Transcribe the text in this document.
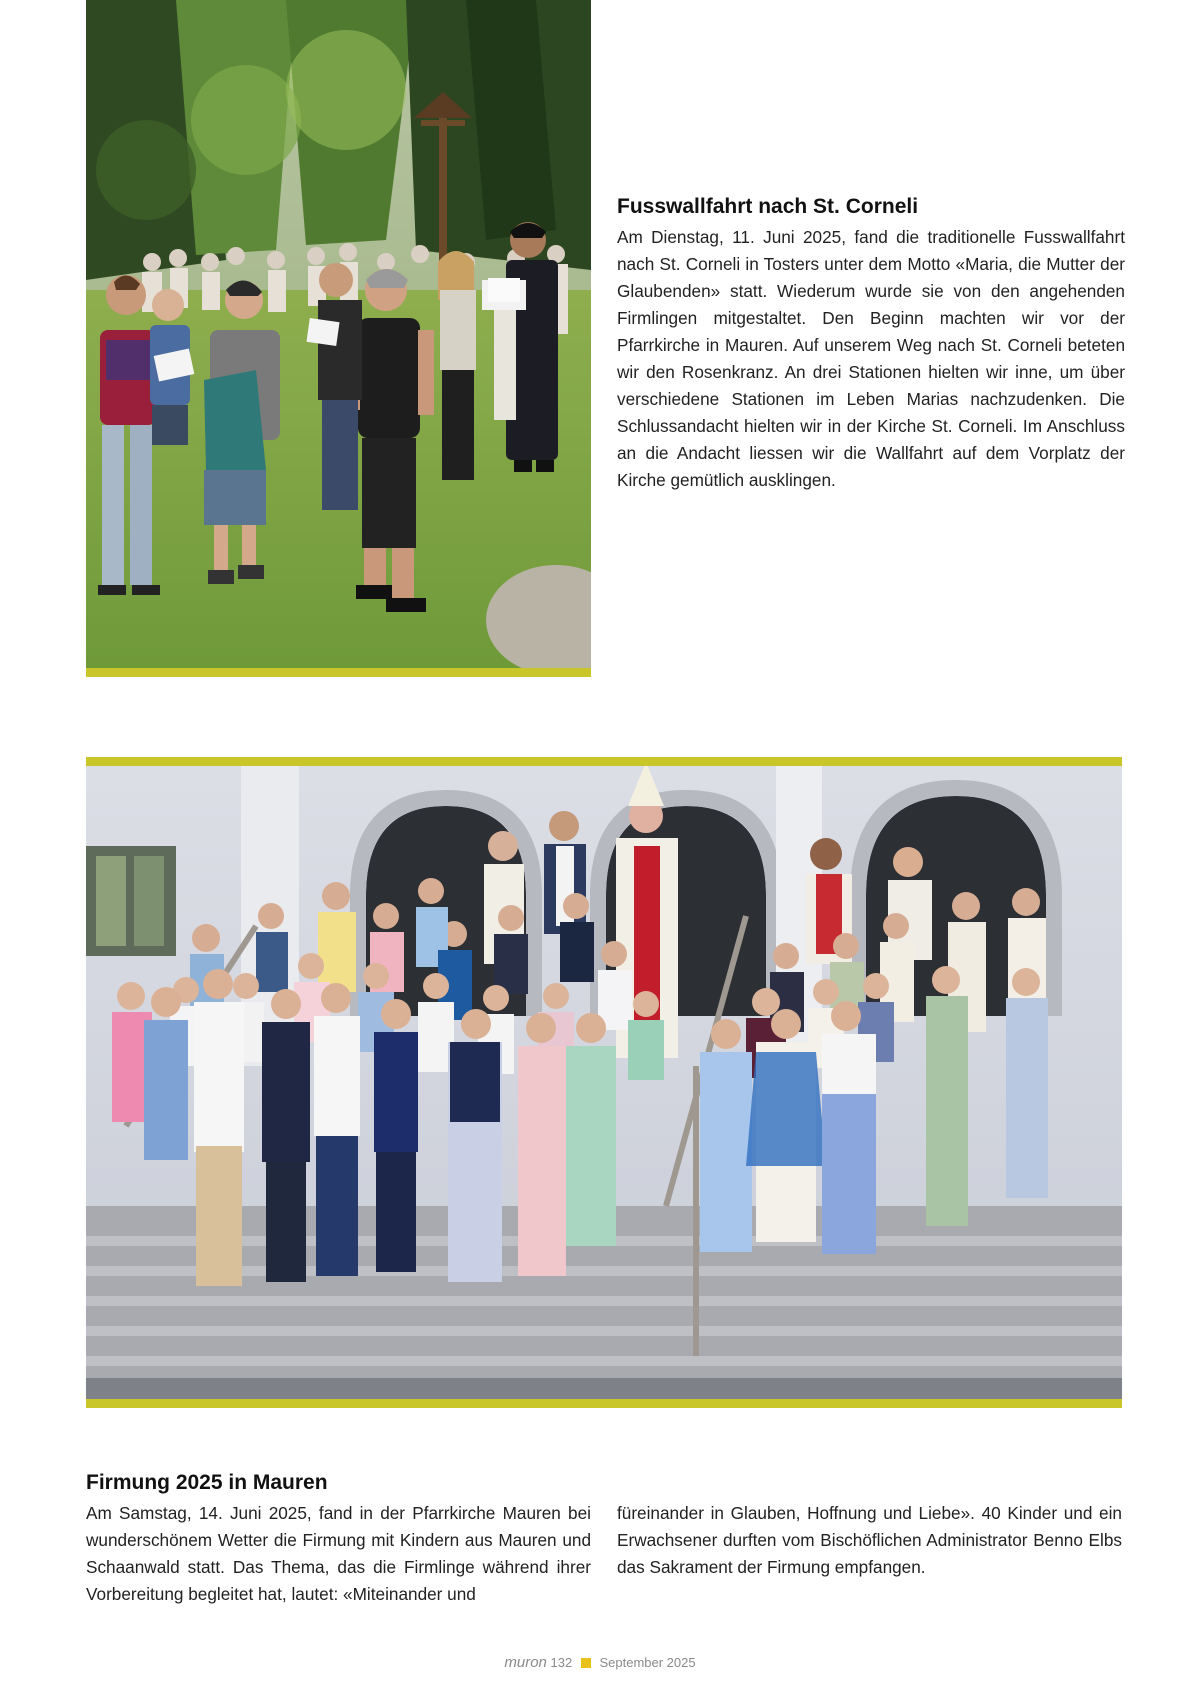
Fusswallfahrt nach St. Corneli

Am Dienstag, 11. Juni 2025, fand die traditionelle Fusswallfahrt nach St. Corneli in Tosters unter dem Motto «Maria, die Mutter der Glaubenden» statt. Wiederum wurde sie von den angehenden Firmlingen mitgestaltet. Den Beginn machten wir vor der Pfarrkirche in Mauren. Auf unserem Weg nach St. Corneli beteten wir den Rosenkranz. An drei Stationen hielten wir inne, um über verschiedene Stationen im Leben Marias nachzudenken. Die Schlussandacht hielten wir in der Kirche St. Corneli. Im Anschluss an die Andacht liessen wir die Wallfahrt auf dem Vorplatz der Kirche gemütlich ausklingen.

Firmung 2025 in Mauren

Am Samstag, 14. Juni 2025, fand in der Pfarrkirche Mauren bei wunderschönem Wetter die Firmung mit Kindern aus Mauren und Schaanwald statt. Das Thema, das die Firmlinge während ihrer Vorbereitung begleitet hat, lautet: «Miteinander und

füreinander in Glauben, Hoffnung und Liebe». 40 Kinder und ein Erwachsener durften vom Bischöflichen Administrator Benno Elbs das Sakrament der Firmung empfangen.

muron 132 September 2025
